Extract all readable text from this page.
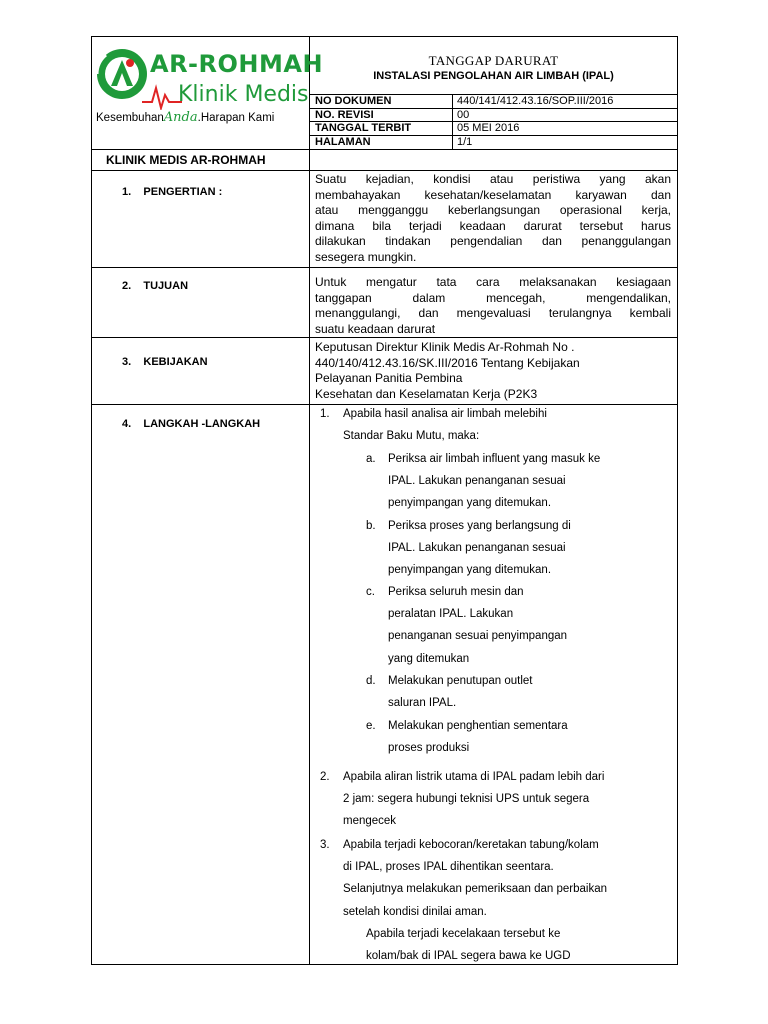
AR-ROHMAH
Klinik Medis
KesembuhanAnda.Harapan Kami
TANGGAP DARURAT
INSTALASI PENGOLAHAN AIR LIMBAH (IPAL)
NO DOKUMEN	440/141/412.43.16/SOP.III/2016
NO. REVISI	00
TANGGAL TERBIT	05 MEI 2016
HALAMAN	1/1
KLINIK MEDIS AR-ROHMAH
1.    PENGERTIAN :
Suatu kejadian, kondisi atau peristiwa yang akan
membahayakan kesehatan/keselamatan karyawan dan
atau mengganggu keberlangsungan operasional kerja,
dimana bila terjadi keadaan darurat tersebut harus
dilakukan tindakan pengendalian dan penanggulangan
sesegera mungkin.
2.    TUJUAN	Untuk mengatur tata cara melaksanakan kesiagaan
tanggapan dalam mencegah, mengendalikan,
menanggulangi, dan mengevaluasi terulangnya kembali
suatu keadaan darurat
3.    KEBIJAKAN
Keputusan Direktur Klinik Medis Ar-Rohmah No .
440/140/412.43.16/SK.III/2016 Tentang Kebijakan
Pelayanan Panitia Pembina
Kesehatan dan Keselamatan Kerja (P2K3
4.    LANGKAH -LANGKAH
1. Apabila hasil analisa air limbah melebihi
Standar Baku Mutu, maka:
a. Periksa air limbah influent yang masuk ke
IPAL. Lakukan penanganan sesuai
penyimpangan yang ditemukan.
b. Periksa proses yang berlangsung di
IPAL. Lakukan penanganan sesuai
penyimpangan yang ditemukan.
c. Periksa seluruh mesin dan
peralatan IPAL. Lakukan
penanganan sesuai penyimpangan
yang ditemukan
d. Melakukan penutupan outlet
saluran IPAL.
e. Melakukan penghentian sementara
proses produksi
2. Apabila aliran listrik utama di IPAL padam lebih dari
2 jam: segera hubungi teknisi UPS untuk segera
mengecek
3. Apabila terjadi kebocoran/keretakan tabung/kolam
di IPAL, proses IPAL dihentikan seentara.
Selanjutnya melakukan pemeriksaan dan perbaikan
setelah kondisi dinilai aman.
Apabila terjadi kecelakaan tersebut ke
kolam/bak di IPAL segera bawa ke UGD
